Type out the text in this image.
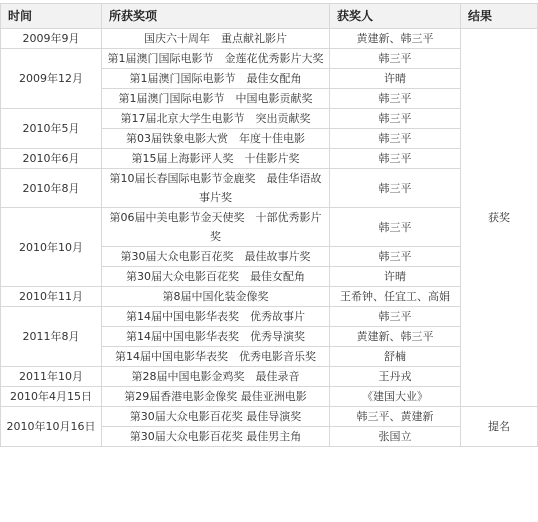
时间	所获奖项	获奖人	结果
2009年9月	国庆六十周年　重点献礼影片	黄建新、韩三平	获奖
2009年12月	第1届澳门国际电影节　金莲花优秀影片大奖	韩三平	
	第1届澳门国际电影节　最佳女配角	许晴	
	第1届澳门国际电影节　中国电影贡献奖	韩三平	
2010年5月	第17届北京大学生电影节　突出贡献奖	韩三平	
	第03届铁象电影大赏　年度十佳电影	韩三平	
2010年6月	第15届上海影评人奖　十佳影片奖	韩三平	
2010年8月	第10届长春国际电影节金鹿奖　最佳华语故事片奖	韩三平	
2010年10月	第06届中美电影节金天使奖　十部优秀影片奖	韩三平	
	第30届大众电影百花奖　最佳故事片奖	韩三平	
	第30届大众电影百花奖　最佳女配角	许晴	
2010年11月	第8届中国化装金像奖	王希钟、任宜工、高娟	
2011年8月	第14届中国电影华表奖　优秀故事片	韩三平	
	第14届中国电影华表奖　优秀导演奖	黄建新、韩三平	
	第14届中国电影华表奖　优秀电影音乐奖	舒楠	
2011年10月	第28届中国电影金鸡奖　最佳录音	王丹戎	
2010年4月15日	第29届香港电影金像奖 最佳亚洲电影	《建国大业》	
2010年10月16日	第30届大众电影百花奖 最佳导演奖	韩三平、黄建新	提名
	第30届大众电影百花奖 最佳男主角	张国立	
